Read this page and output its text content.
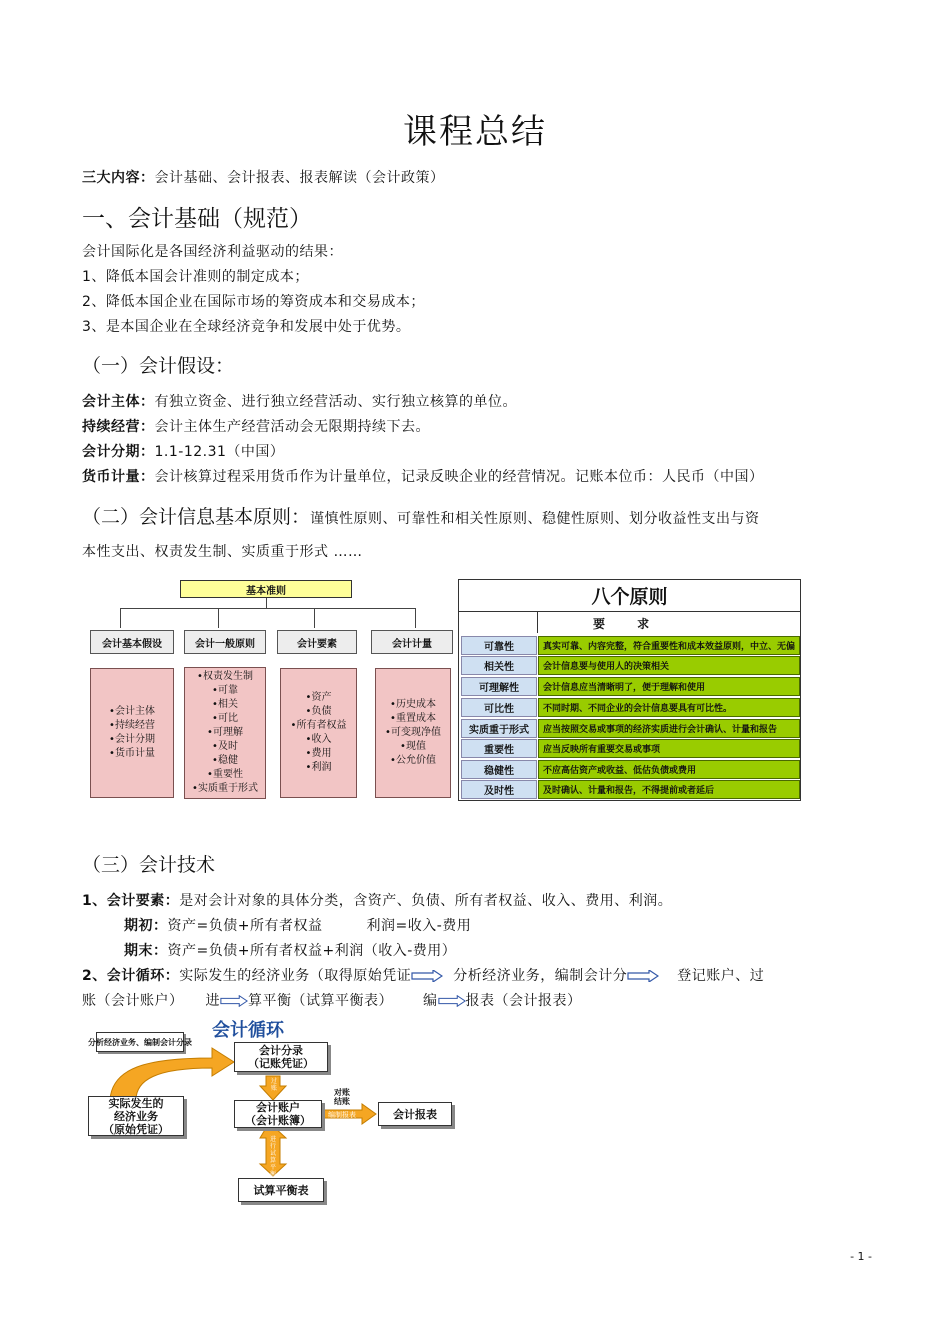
课程总结
三大内容：会计基础、会计报表、报表解读（会计政策）
一、会计基础（规范）
会计国际化是各国经济利益驱动的结果：
1、降低本国会计准则的制定成本；
2、降低本国企业在国际市场的筹资成本和交易成本；
3、是本国企业在全球经济竞争和发展中处于优势。
（一）会计假设：
会计主体：有独立资金、进行独立经营活动、实行独立核算的单位。
持续经营：会计主体生产经营活动会无限期持续下去。
会计分期：1.1-12.31（中国）
货币计量：会计核算过程采用货币作为计量单位，记录反映企业的经营情况。记账本位币：人民币（中国）
（二）会计信息基本原则：谨慎性原则、可靠性和相关性原则、稳健性原则、划分收益性支出与资
本性支出、权责发生制、实质重于形式 ……
基本准则
会计基本假设	会计一般原则	会计要素	会计计量
•会计主体
•持续经营
•会计分期
•货币计量
•权责发生制
•可靠
•相关
•可比
•可理解
•及时
•稳健
•重要性
•实质重于形式
•资产
•负债
•所有者权益
•收入
•费用
•利润
•历史成本
•重置成本
•可变现净值
•现值
•公允价值
八个原则
要 求
可靠性	真实可靠、内容完整，符合重要性和成本效益原则，中立、无偏
相关性	会计信息要与使用人的决策相关
可理解性	会计信息应当清晰明了，便于理解和使用
可比性	不同时期、不同企业的会计信息要具有可比性。
实质重于形式	应当按照交易或事项的经济实质进行会计确认、计量和报告
重要性	应当反映所有重要交易或事项
稳健性	不应高估资产或收益、低估负债或费用
及时性	及时确认、计量和报告，不得提前或者延后
（三）会计技术
1、会计要素：是对会计对象的具体分类，含资产、负债、所有者权益、收入、费用、利润。
期初：资产=负债+所有者权益	利润=收入-费用
期末：资产=负债+所有者权益+利润（收入-费用）
2、会计循环：实际发生的经济业务（取得原始凭证	分析经济业务，编制会计分	登记账户、过
账（会计账户） 进 算平衡（试算平衡表） 编 报表（会计报表）
会计循环
分析经济业务、编制会计分录
会计分录
（记账凭证）
实际发生的
经济业务
（原始凭证）
会计账户
（会计账簿）	会计报表
试算平衡表
过账	对账
结账
编制报表
进行试算平衡
- 1 -
